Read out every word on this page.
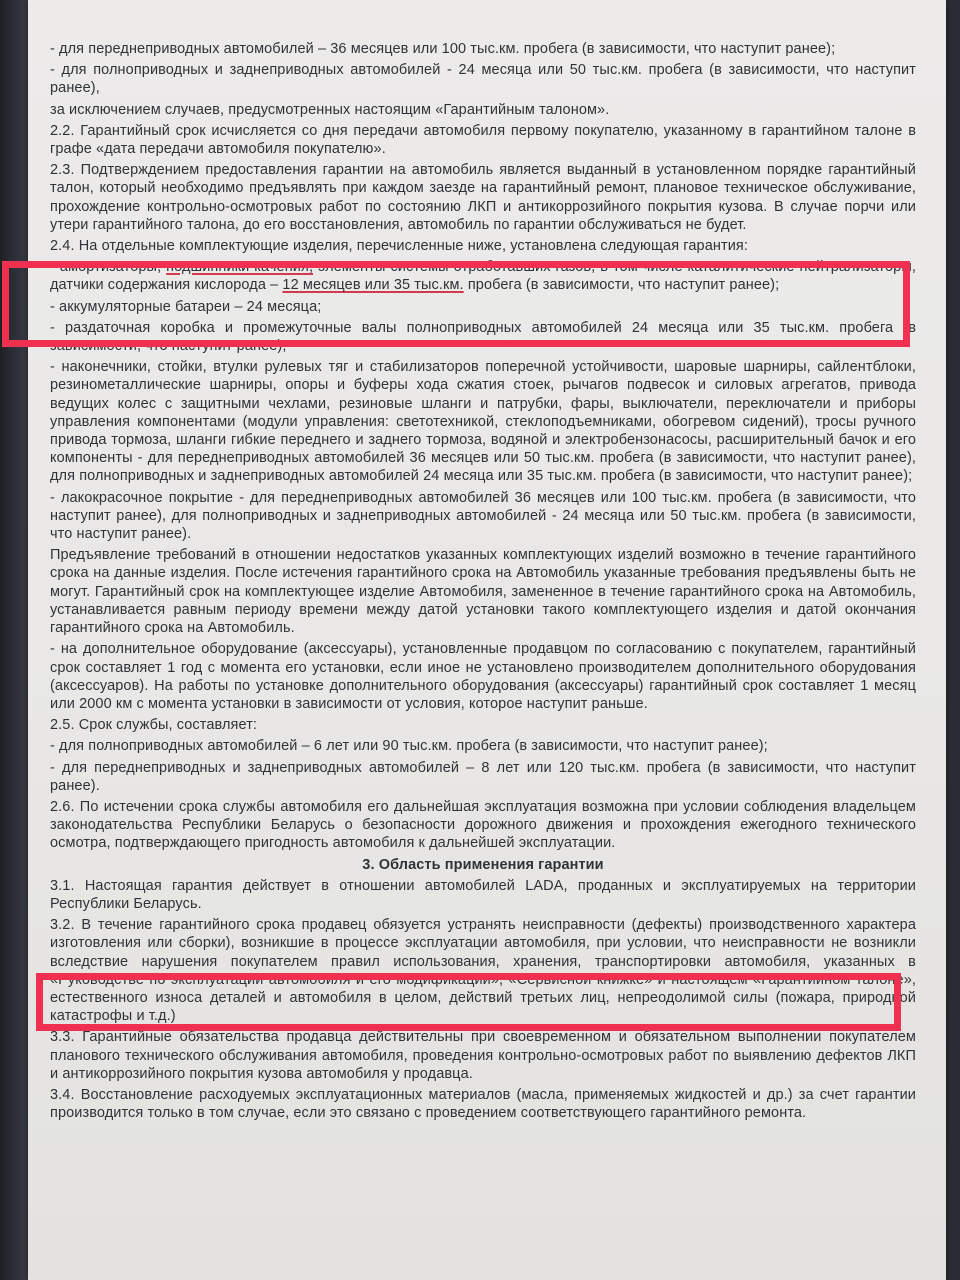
- для переднеприводных автомобилей – 36 месяцев или 100 тыс.км. пробега (в зависимости, что наступит ранее);

- для полноприводных и заднеприводных автомобилей - 24 месяца или 50 тыс.км. пробега (в зависимости, что наступит ранее),

за исключением случаев, предусмотренных настоящим «Гарантийным талоном».

2.2. Гарантийный срок исчисляется со дня передачи автомобиля первому покупателю, указанному в гарантийном талоне в графе «дата передачи автомобиля покупателю».

2.3. Подтверждением предоставления гарантии на автомобиль является выданный в установленном порядке гарантийный талон, который необходимо предъявлять при каждом заезде на гарантийный ремонт, плановое техническое обслуживание, прохождение контрольно-осмотровых работ по состоянию ЛКП и антикоррозийного покрытия кузова. В случае порчи или утери гарантийного талона, до его восстановления, автомобиль по гарантии обслуживаться не будет.

2.4. На отдельные комплектующие изделия, перечисленные ниже, установлена следующая гарантия:

- амортизаторы, подшипники качения, элементы системы отработавших газов, в том числе каталитические нейтрализаторы, датчики содержания кислорода – 12 месяцев или 35 тыс.км. пробега (в зависимости, что наступит ранее);

- аккумуляторные батареи – 24 месяца;

- раздаточная коробка и промежуточные валы полноприводных автомобилей 24 месяца или 35 тыс.км. пробега (в зависимости, что наступит ранее);

- наконечники, стойки, втулки рулевых тяг и стабилизаторов поперечной устойчивости, шаровые шарниры, сайлентблоки, резинометаллические шарниры, опоры и буферы хода сжатия стоек, рычагов подвесок и силовых агрегатов, привода ведущих колес с защитными чехлами, резиновые шланги и патрубки, фары, выключатели, переключатели и приборы управления компонентами (модули управления: светотехникой, стеклоподъемниками, обогревом сидений), тросы ручного привода тормоза, шланги гибкие переднего и заднего тормоза, водяной и электробензонасосы, расширительный бачок и его компоненты - для переднеприводных автомобилей 36 месяцев или 50 тыс.км. пробега (в зависимости, что наступит ранее), для полноприводных и заднеприводных автомобилей 24 месяца или 35 тыс.км. пробега (в зависимости, что наступит ранее);

- лакокрасочное покрытие - для переднеприводных автомобилей 36 месяцев или 100 тыс.км. пробега (в зависимости, что наступит ранее), для полноприводных и заднеприводных автомобилей - 24 месяца или 50 тыс.км. пробега (в зависимости, что наступит ранее).

Предъявление требований в отношении недостатков указанных комплектующих изделий возможно в течение гарантийного срока на данные изделия. После истечения гарантийного срока на Автомобиль указанные требования предъявлены быть не могут. Гарантийный срок на комплектующее изделие Автомобиля, замененное в течение гарантийного срока на Автомобиль, устанавливается равным периоду времени между датой установки такого комплектующего изделия и датой окончания гарантийного срока на Автомобиль.

- на дополнительное оборудование (аксессуары), установленные продавцом по согласованию с покупателем, гарантийный срок составляет 1 год с момента его установки, если иное не установлено производителем дополнительного оборудования (аксессуаров). На работы по установке дополнительного оборудования (аксессуары) гарантийный срок составляет 1 месяц или 2000 км с момента установки в зависимости от условия, которое наступит раньше.

2.5. Срок службы, составляет:

- для полноприводных автомобилей – 6 лет или 90 тыс.км. пробега (в зависимости, что наступит ранее);

- для переднеприводных и заднеприводных автомобилей – 8 лет или 120 тыс.км. пробега (в зависимости, что наступит ранее).

2.6. По истечении срока службы автомобиля его дальнейшая эксплуатация возможна при условии соблюдения владельцем законодательства Республики Беларусь о безопасности дорожного движения и прохождения ежегодного технического осмотра, подтверждающего пригодность автомобиля к дальнейшей эксплуатации.

3. Область применения гарантии

3.1. Настоящая гарантия действует в отношении автомобилей LADA, проданных и эксплуатируемых на территории Республики Беларусь.

3.2. В течение гарантийного срока продавец обязуется устранять неисправности (дефекты) производственного характера изготовления или сборки), возникшие в процессе эксплуатации автомобиля, при условии, что неисправности не возникли вследствие нарушения покупателем правил использования, хранения, транспортировки автомобиля, указанных в «Руководстве по эксплуатации автомобиля и его модификаций», «Сервисной книжке» и настоящем «Гарантийном талоне», естественного износа деталей и автомобиля в целом, действий третьих лиц, непреодолимой силы (пожара, природной катастрофы и т.д.)

3.3. Гарантийные обязательства продавца действительны при своевременном и обязательном выполнении покупателем планового технического обслуживания автомобиля, проведения контрольно-осмотровых работ по выявлению дефектов ЛКП и антикоррозийного покрытия кузова автомобиля у продавца.

3.4. Восстановление расходуемых эксплуатационных материалов (масла, применяемых жидкостей и др.) за счет гарантии производится только в том случае, если это связано с проведением соответствующего гарантийного ремонта.
